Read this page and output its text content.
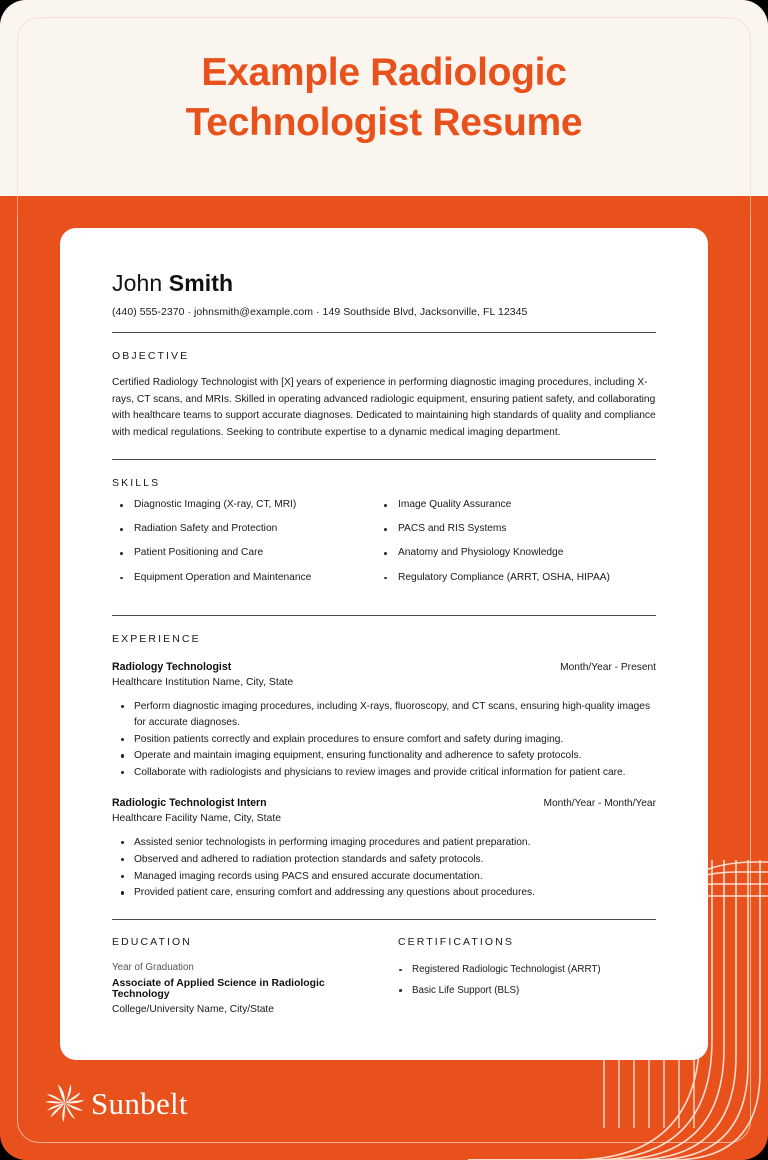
Example Radiologic Technologist Resume
John Smith
(440) 555-2370 · johnsmith@example.com · 149 Southside Blvd, Jacksonville, FL 12345
OBJECTIVE
Certified Radiology Technologist with [X] years of experience in performing diagnostic imaging procedures, including X-rays, CT scans, and MRIs. Skilled in operating advanced radiologic equipment, ensuring patient safety, and collaborating with healthcare teams to support accurate diagnoses. Dedicated to maintaining high standards of quality and compliance with medical regulations. Seeking to contribute expertise to a dynamic medical imaging department.
SKILLS
Diagnostic Imaging (X-ray, CT, MRI)
Radiation Safety and Protection
Patient Positioning and Care
Equipment Operation and Maintenance
Image Quality Assurance
PACS and RIS Systems
Anatomy and Physiology Knowledge
Regulatory Compliance (ARRT, OSHA, HIPAA)
EXPERIENCE
Radiology Technologist	Month/Year - Present
Healthcare Institution Name, City, State
Perform diagnostic imaging procedures, including X-rays, fluoroscopy, and CT scans, ensuring high-quality images for accurate diagnoses.
Position patients correctly and explain procedures to ensure comfort and safety during imaging.
Operate and maintain imaging equipment, ensuring functionality and adherence to safety protocols.
Collaborate with radiologists and physicians to review images and provide critical information for patient care.
Radiologic Technologist Intern	Month/Year - Month/Year
Healthcare Facility Name, City, State
Assisted senior technologists in performing imaging procedures and patient preparation.
Observed and adhered to radiation protection standards and safety protocols.
Managed imaging records using PACS and ensured accurate documentation.
Provided patient care, ensuring comfort and addressing any questions about procedures.
EDUCATION
Year of Graduation
Associate of Applied Science in Radiologic Technology
College/University Name, City/State
CERTIFICATIONS
Registered Radiologic Technologist (ARRT)
Basic Life Support (BLS)
Sunbelt
